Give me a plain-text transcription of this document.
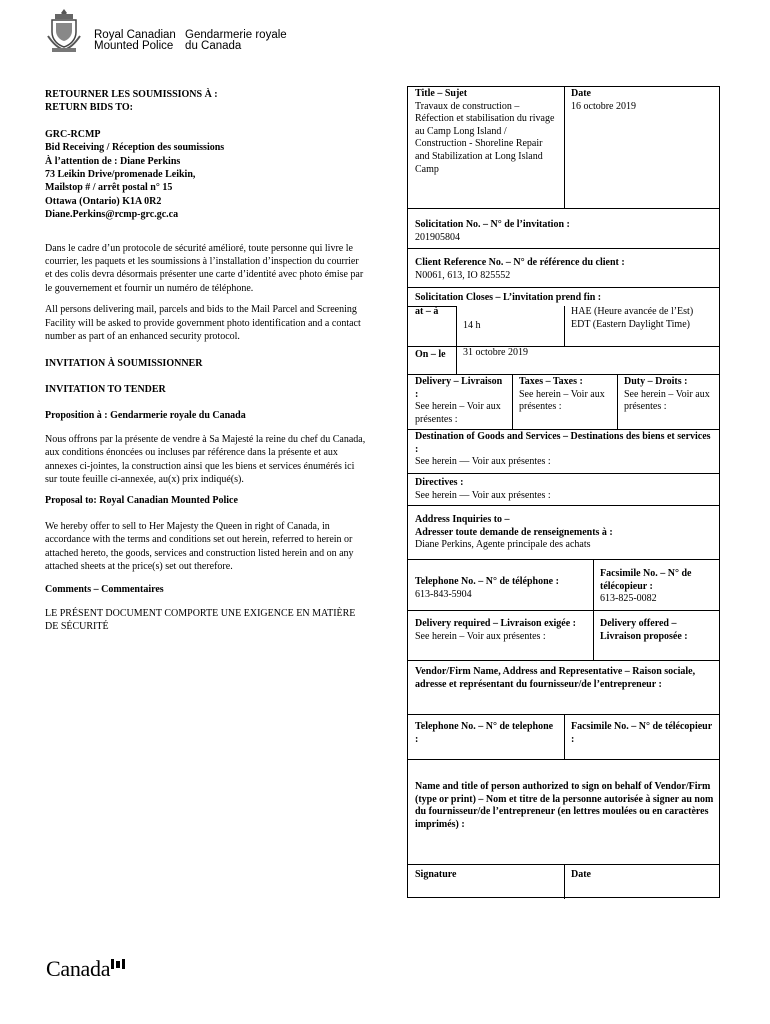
Royal Canadian
Mounted Police

Gendarmerie royale
du Canada

RETOURNER LES SOUMISSIONS À :

RETURN BIDS TO:

GRC-RCMP

Bid Receiving / Réception des soumissions

À l’attention de : Diane Perkins

73 Leikin Drive/promenade Leikin,

Mailstop # / arrêt postal n° 15

Ottawa (Ontario) K1A 0R2

Diane.Perkins@rcmp-grc.gc.ca

Dans le cadre d’un protocole de sécurité amélioré, toute personne qui livre le courrier, les paquets et les soumissions à l’installation d’inspection du courrier et des colis devra désormais présenter une carte d’identité avec photo émise par le gouvernement et fournir un numéro de téléphone.

All persons delivering mail, parcels and bids to the Mail Parcel and Screening Facility will be asked to provide government photo identification and a contact number as part of an enhanced security protocol.

INVITATION À SOUMISSIONNER

INVITATION TO TENDER

Proposition à : Gendarmerie royale du Canada

Nous offrons par la présente de vendre à Sa Majesté la reine du chef du Canada, aux conditions énoncées ou incluses par référence dans la présente et aux annexes ci-jointes, la construction ainsi que les biens et services énumérés ici sur toute feuille ci-annexée, au(x) prix indiqué(s).

Proposal to: Royal Canadian Mounted Police

We hereby offer to sell to Her Majesty the Queen in right of Canada, in accordance with the terms and conditions set out herein, referred to herein or attached hereto, the goods, services and construction listed herein and on any attached sheets at the price(s) set out therefore.

Comments – Commentaires

LE PRÉSENT DOCUMENT COMPORTE UNE EXIGENCE EN MATIÈRE DE SÉCURITÉ

Title – Sujet
Travaux de construction – Réfection et stabilisation du rivage au Camp Long Island / Construction - Shoreline Repair and Stabilization at Long Island Camp
Date
16 octobre 2019
Solicitation No. – N° de l’invitation :
201905804
Client Reference No. – N° de référence du client :
N0061, 613, IO 825552
Solicitation Closes – L’invitation prend fin :
at – à
14 h
HAE (Heure avancée de l’Est) EDT (Eastern Daylight Time)
On – le	31 octobre 2019
Delivery – Livraison :
See herein – Voir aux présentes :
Taxes – Taxes :
See herein – Voir aux présentes :
Duty – Droits :
See herein – Voir aux présentes :
Destination of Goods and Services – Destinations des biens et services :
See herein — Voir aux présentes :
Directives :
See herein — Voir aux présentes :
Address Inquiries to –
Adresser toute demande de renseignements à :
Diane Perkins, Agente principale des achats
Telephone No. – N° de téléphone :
613-843-5904
Facsimile No. – N° de télécopieur :
613-825-0082
Delivery required – Livraison exigée :
See herein – Voir aux présentes :
Delivery offered – Livraison proposée :
Vendor/Firm Name, Address and Representative – Raison sociale, adresse et représentant du fournisseur/de l’entrepreneur :
Telephone No. – N° de telephone :
Facsimile No. – N° de télécopieur :
Name and title of person authorized to sign on behalf of Vendor/Firm (type or print) – Nom et titre de la personne autorisée à signer au nom du fournisseur/de l’entrepreneur (en lettres moulées ou en caractères imprimés) :
Signature	Date
Canada
